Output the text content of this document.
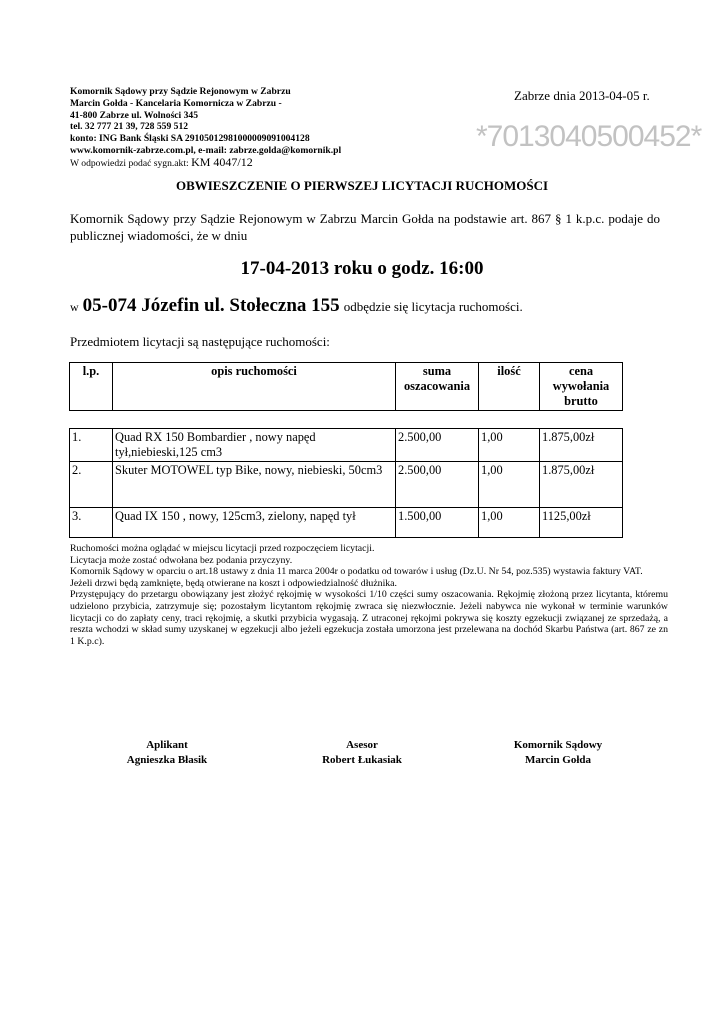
Komornik Sądowy przy Sądzie Rejonowym w Zabrzu
Marcin Gołda - Kancelaria Komornicza w Zabrzu -
41-800 Zabrze ul. Wolności 345
tel. 32 777 21 39, 728 559 512
konto: ING Bank Śląski SA 29105012981000009091004128
www.komornik-zabrze.com.pl, e-mail: zabrze.golda@komornik.pl
W odpowiedzi podać sygn.akt: KM 4047/12
Zabrze dnia 2013-04-05 r.
*7013040500452*
OBWIESZCZENIE O PIERWSZEJ LICYTACJI RUCHOMOŚCI
Komornik Sądowy przy Sądzie Rejonowym w Zabrzu Marcin Gołda na podstawie art. 867 § 1 k.p.c. podaje do publicznej wiadomości, że w dniu
17-04-2013 roku o godz. 16:00
w 05-074 Józefin ul. Stołeczna 155 odbędzie się licytacja ruchomości.
Przedmiotem licytacji są następujące ruchomości:
l.p.	opis ruchomości	suma oszacowania	ilość	cena wywołania brutto
1.	Quad RX 150 Bombardier , nowy napęd tył,niebieski,125 cm3	2.500,00	1,00	1.875,00zł
2.	Skuter MOTOWEL typ Bike, nowy, niebieski, 50cm3	2.500,00	1,00	1.875,00zł
3.	Quad IX 150 , nowy, 125cm3, zielony, napęd tył	1.500,00	1,00	1125,00zł
Ruchomości można oglądać w miejscu licytacji przed rozpoczęciem licytacji.
Licytacja może zostać odwołana bez podania przyczyny.
Komornik Sądowy w oparciu o art.18 ustawy z dnia 11 marca 2004r o podatku od towarów i usług (Dz.U. Nr 54, poz.535) wystawia faktury VAT.
Jeżeli drzwi będą zamknięte, będą otwierane na koszt i odpowiedzialność dłużnika.
Przystępujący do przetargu obowiązany jest złożyć rękojmię w wysokości 1/10 części sumy oszacowania. Rękojmię złożoną przez licytanta, któremu udzielono przybicia, zatrzymuje się; pozostałym licytantom rękojmię zwraca się niezwłocznie. Jeżeli nabywca nie wykonał w terminie warunków licytacji co do zapłaty ceny, traci rękojmię, a skutki przybicia wygasają. Z utraconej rękojmi pokrywa się koszty egzekucji związanej ze sprzedażą, a reszta wchodzi w skład sumy uzyskanej w egzekucji albo jeżeli egzekucja została umorzona jest przelewana na dochód Skarbu Państwa (art. 867 ze zn 1 K.p.c).
Aplikant
Agnieszka Błasik
Asesor
Robert Łukasiak
Komornik Sądowy
Marcin Gołda
